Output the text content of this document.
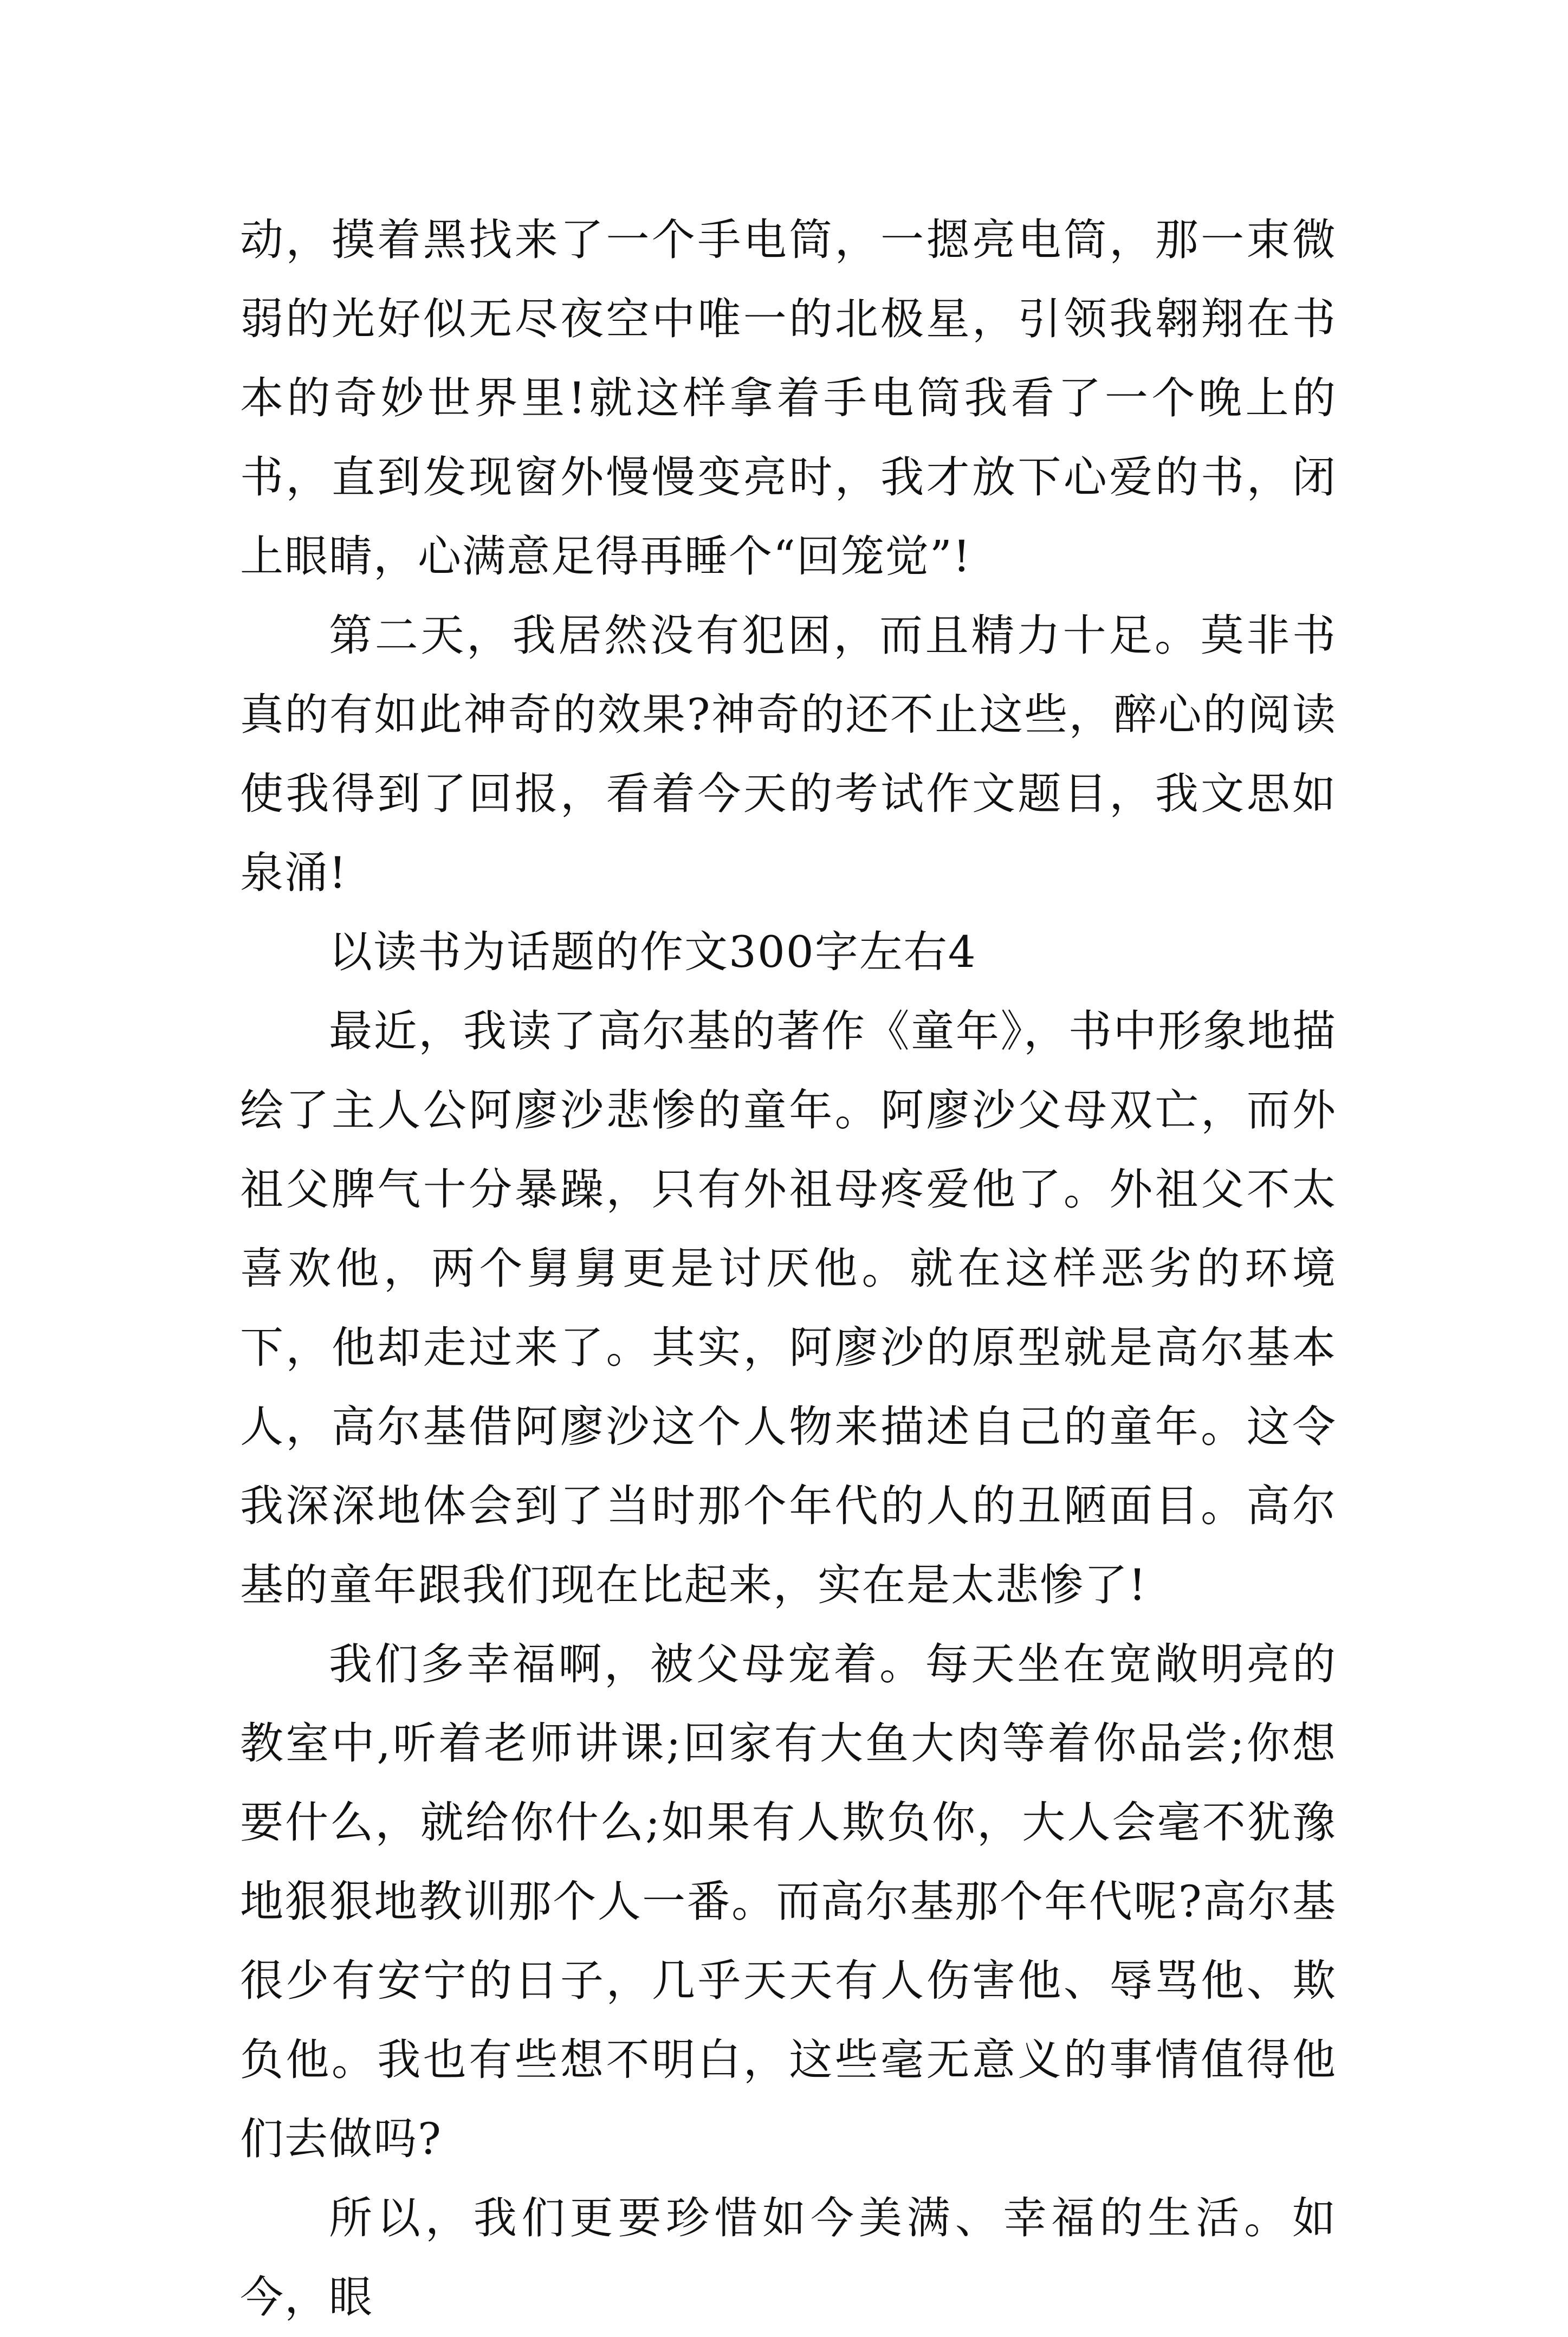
动，摸着黑找来了一个手电筒，一摁亮电筒，那一束微弱的光好似无尽夜空中唯一的北极星，引领我翱翔在书本的奇妙世界里!就这样拿着手电筒我看了一个晚上的书，直到发现窗外慢慢变亮时，我才放下心爱的书，闭上眼睛，心满意足得再睡个“回笼觉”!

第二天，我居然没有犯困，而且精力十足。莫非书真的有如此神奇的效果?神奇的还不止这些，醉心的阅读使我得到了回报，看着今天的考试作文题目，我文思如泉涌!

以读书为话题的作文300字左右4

最近，我读了高尔基的著作《童年》，书中形象地描绘了主人公阿廖沙悲惨的童年。阿廖沙父母双亡，而外祖父脾气十分暴躁，只有外祖母疼爱他了。外祖父不太喜欢他，两个舅舅更是讨厌他。就在这样恶劣的环境下，他却走过来了。其实，阿廖沙的原型就是高尔基本人，高尔基借阿廖沙这个人物来描述自己的童年。这令我深深地体会到了当时那个年代的人的丑陋面目。高尔基的童年跟我们现在比起来，实在是太悲惨了!

我们多幸福啊，被父母宠着。每天坐在宽敞明亮的教室中,听着老师讲课;回家有大鱼大肉等着你品尝;你想要什么，就给你什么;如果有人欺负你，大人会毫不犹豫地狠狠地教训那个人一番。而高尔基那个年代呢?高尔基很少有安宁的日子，几乎天天有人伤害他、辱骂他、欺负他。我也有些想不明白，这些毫无意义的事情值得他们去做吗?

所以，我们更要珍惜如今美满、幸福的生活。如今，眼
